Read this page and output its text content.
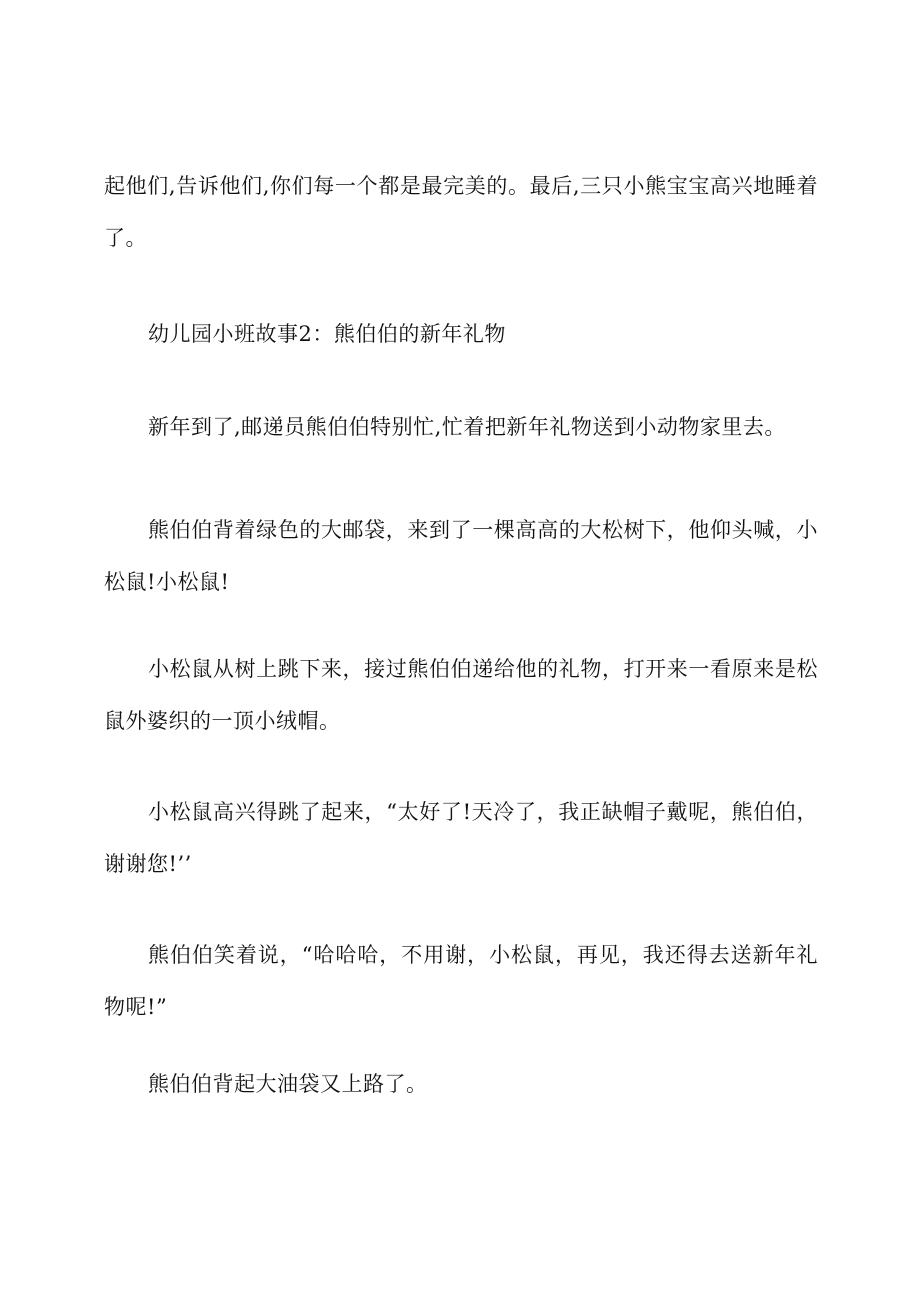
起他们,告诉他们,你们每一个都是最完美的。最后,三只小熊宝宝高兴地睡着
了。
幼儿园小班故事2：熊伯伯的新年礼物
新年到了,邮递员熊伯伯特别忙,忙着把新年礼物送到小动物家里去。
熊伯伯背着绿色的大邮袋，来到了一棵高高的大松树下，他仰头喊，小
松鼠!小松鼠!
小松鼠从树上跳下来，接过熊伯伯递给他的礼物，打开来一看原来是松
鼠外婆织的一顶小绒帽。
小松鼠高兴得跳了起来，“太好了!天冷了，我正缺帽子戴呢，熊伯伯，
谢谢您!’’
熊伯伯笑着说，“哈哈哈，不用谢，小松鼠，再见，我还得去送新年礼
物呢!”
熊伯伯背起大油袋又上路了。
